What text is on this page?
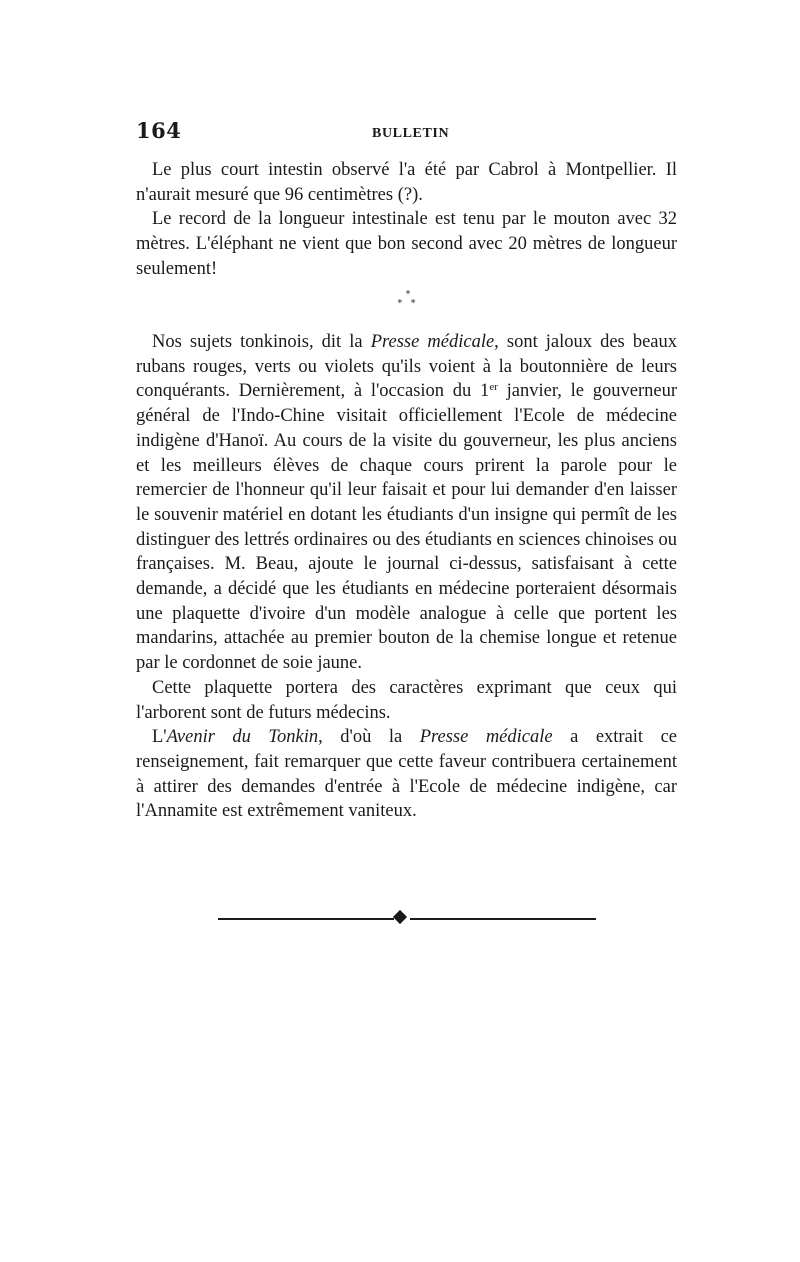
164	BULLETIN

Le plus court intestin observé l'a été par Cabrol à Montpellier. Il n'aurait mesuré que 96 centimètres (?).

Le record de la longueur intestinale est tenu par le mouton avec 32 mètres. L'éléphant ne vient que bon second avec 20 mètres de longueur seulement!

*
* *

Nos sujets tonkinois, dit la Presse médicale, sont jaloux des beaux rubans rouges, verts ou violets qu'ils voient à la boutonnière de leurs conquérants. Dernièrement, à l'occasion du 1er janvier, le gouverneur général de l'Indo-Chine visitait officiellement l'Ecole de médecine indigène d'Hanoï. Au cours de la visite du gouverneur, les plus anciens et les meilleurs élèves de chaque cours prirent la parole pour le remercier de l'honneur qu'il leur faisait et pour lui demander d'en laisser le souvenir matériel en dotant les étudiants d'un insigne qui permît de les distinguer des lettrés ordinaires ou des étudiants en sciences chinoises ou françaises. M. Beau, ajoute le journal ci-dessus, satisfaisant à cette demande, a décidé que les étudiants en médecine porteraient désormais une plaquette d'ivoire d'un modèle analogue à celle que portent les mandarins, attachée au premier bouton de la chemise longue et retenue par le cordonnet de soie jaune.

Cette plaquette portera des caractères exprimant que ceux qui l'arborent sont de futurs médecins.

L'Avenir du Tonkin, d'où la Presse médicale a extrait ce renseignement, fait remarquer que cette faveur contribuera certainement à attirer des demandes d'entrée à l'Ecole de médecine indigène, car l'Annamite est extrêmement vaniteux.
